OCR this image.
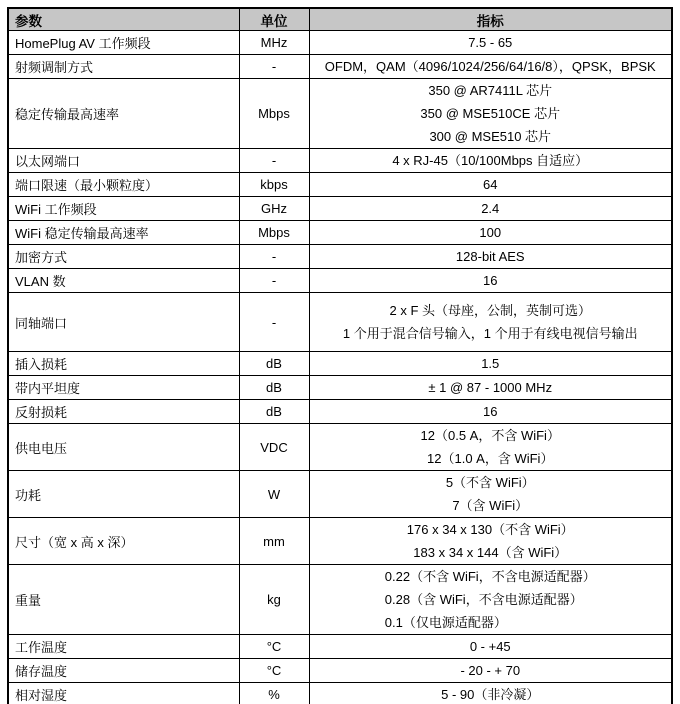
参数	单位	指标
HomePlug AV 工作频段	MHz	7.5 - 65

射频调制方式	-	OFDM，QAM（4096/1024/256/64/16/8），QPSK，BPSK

稳定传输最高速率	Mbps	350 @ AR7411L 芯片
350 @ MSE510CE 芯片
300 @ MSE510 芯片

以太网端口	-	4 x RJ-45（10/100Mbps 自适应）

端口限速（最小颗粒度）	kbps	64

WiFi 工作频段	GHz	2.4

WiFi 稳定传输最高速率	Mbps	100

加密方式	-	128-bit AES

VLAN 数	-	16

同轴端口	-	2 x F 头（母座，公制，英制可选）
1 个用于混合信号输入，1 个用于有线电视信号输出

插入损耗	dB	1.5

带内平坦度	dB	± 1 @ 87 - 1000 MHz

反射损耗	dB	16

供电电压	VDC	12（0.5 A，不含 WiFi）
12（1.0 A，含 WiFi）

功耗	W	5（不含 WiFi）
7（含 WiFi）

尺寸（宽 x 高 x 深）	mm	176 x 34 x 130（不含 WiFi）
183 x 34 x 144（含 WiFi）

重量	kg	0.22（不含 WiFi，不含电源适配器）
0.28（含 WiFi，不含电源适配器）
0.1（仅电源适配器）

工作温度	°C	0 - +45

储存温度	°C	- 20 - + 70

相对湿度	%	5 - 90（非冷凝）
